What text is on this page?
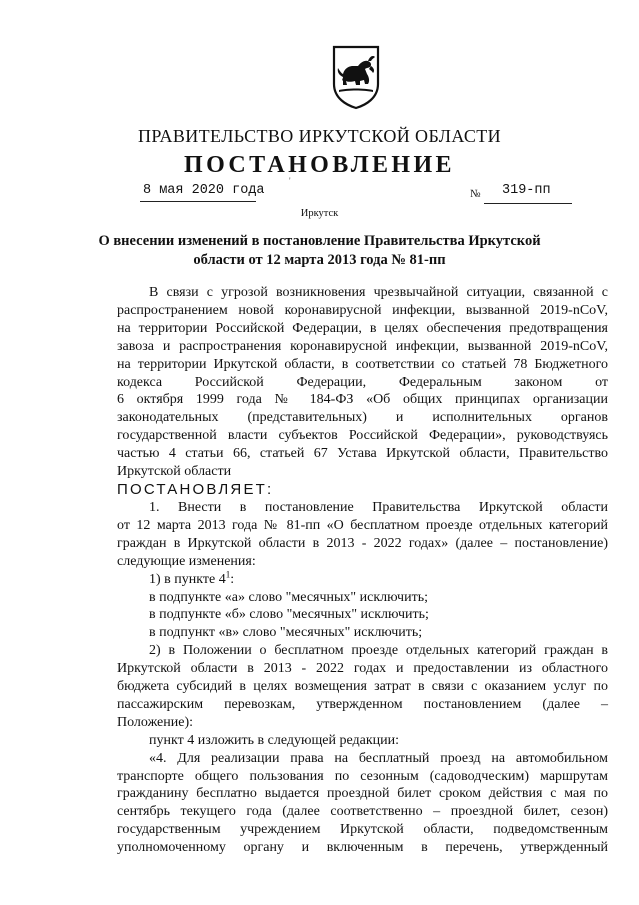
ПРАВИТЕЛЬСТВО ИРКУТСКОЙ ОБЛАСТИ
ПОСТАНОВЛЕНИЕ
'
8 мая 2020 года	№ 319-пп
Иркутск
О внесении изменений в постановление Правительства Иркутской
области от 12 марта 2013 года № 81-пп

В связи с угрозой возникновения чрезвычайной ситуации, связанной с

распространением новой коронавирусной инфекции, вызванной 2019-nCoV,

на территории Российской Федерации, в целях обеспечения предотвращения

завоза и распространения коронавирусной инфекции, вызванной 2019-nCoV,

на территории Иркутской области, в соответствии со статьей 78 Бюджетного

кодекса Российской Федерации, Федеральным законом от

6 октября 1999 года № 184-ФЗ «Об общих принципах организации

законодательных (представительных) и исполнительных органов

государственной власти субъектов Российской Федерации», руководствуясь

частью 4 статьи 66, статьей 67 Устава Иркутской области, Правительство

Иркутской области

ПОСТАНОВЛЯЕТ:

1. Внести в постановление Правительства Иркутской области

от 12 марта 2013 года № 81-пп «О бесплатном проезде отдельных категорий

граждан в Иркутской области в 2013 - 2022 годах» (далее – постановление)

следующие изменения:

1) в пункте $4^1$:

в подпункте «а» слово "месячных" исключить;

в подпункте «б» слово "месячных" исключить;

в подпункт «в» слово "месячных" исключить;

2) в Положении о бесплатном проезде отдельных категорий граждан в

Иркутской области в 2013 - 2022 годах и предоставлении из областного

бюджета субсидий в целях возмещения затрат в связи с оказанием услуг по

пассажирским перевозкам, утвержденном постановлением (далее –

Положение):

пункт 4 изложить в следующей редакции:

«4. Для реализации права на бесплатный проезд на автомобильном

транспорте общего пользования по сезонным (садоводческим) маршрутам

гражданину бесплатно выдается проездной билет сроком действия с мая по

сентябрь текущего года (далее соответственно – проездной билет, сезон)

государственным учреждением Иркутской области, подведомственным

уполномоченному органу и включенным в перечень, утвержденный
